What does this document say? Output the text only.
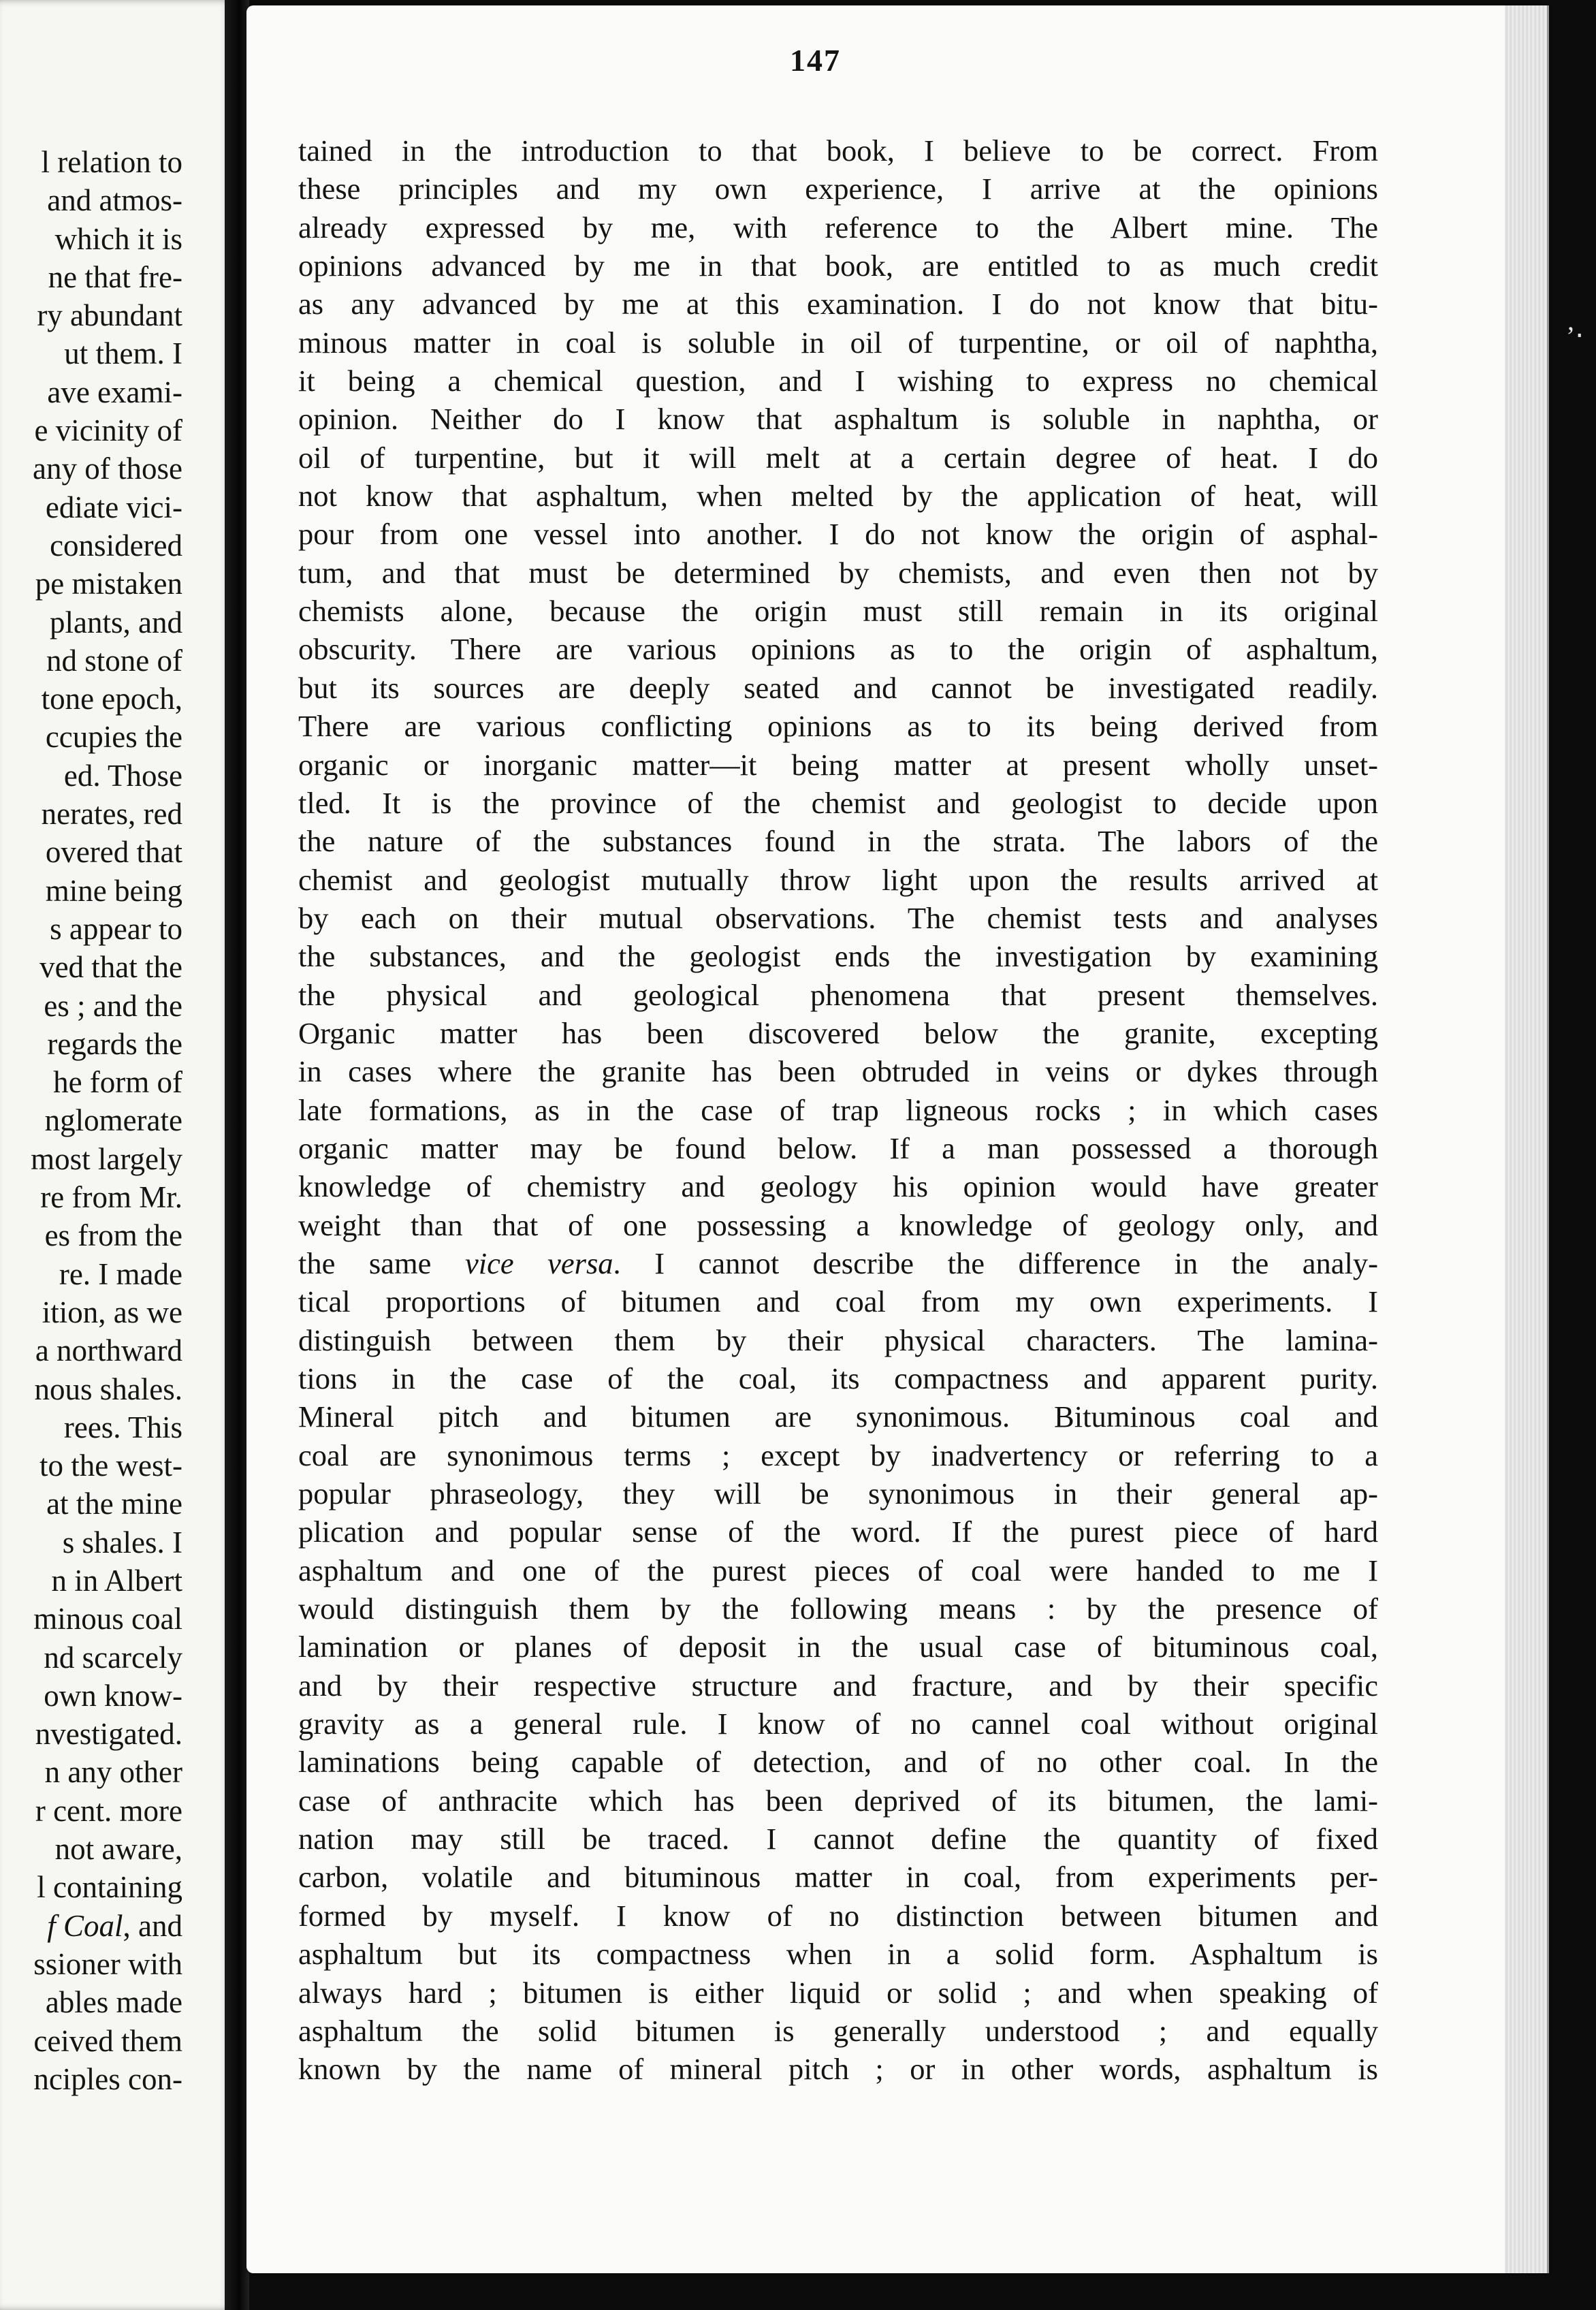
l relation to
and atmos-
which it is
ne that fre-
ry abundant
ut them. I
ave exami-
e vicinity of
any of those
ediate vici-
considered
pe mistaken
plants, and
nd stone of
tone epoch,
ccupies the
ed. Those
nerates, red
overed that
mine being
s appear to
ved that the
es ; and the
regards the
he form of
nglomerate
most largely
re from Mr.
es from the
re. I made
ition, as we
a northward
nous shales.
rees. This
to the west-
at the mine
s shales. I
n in Albert
minous coal
nd scarcely
own know-
nvestigated.
n any other
r cent. more
not aware,
l containing
f Coal, and
ssioner with
ables made
ceived them
nciples con-
147
tained in the introduction to that book, I believe to be correct. From
these principles and my own experience, I arrive at the opinions
already expressed by me, with reference to the Albert mine. The
opinions advanced by me in that book, are entitled to as much credit
as any advanced by me at this examination. I do not know that bitu-
minous matter in coal is soluble in oil of turpentine, or oil of naphtha,
it being a chemical question, and I wishing to express no chemical
opinion. Neither do I know that asphaltum is soluble in naphtha, or
oil of turpentine, but it will melt at a certain degree of heat. I do
not know that asphaltum, when melted by the application of heat, will
pour from one vessel into another. I do not know the origin of asphal-
tum, and that must be determined by chemists, and even then not by
chemists alone, because the origin must still remain in its original
obscurity. There are various opinions as to the origin of asphaltum,
but its sources are deeply seated and cannot be investigated readily.
There are various conflicting opinions as to its being derived from
organic or inorganic matter—it being matter at present wholly unset-
tled. It is the province of the chemist and geologist to decide upon
the nature of the substances found in the strata. The labors of the
chemist and geologist mutually throw light upon the results arrived at
by each on their mutual observations. The chemist tests and analyses
the substances, and the geologist ends the investigation by examining
the physical and geological phenomena that present themselves.
Organic matter has been discovered below the granite, excepting
in cases where the granite has been obtruded in veins or dykes through
late formations, as in the case of trap ligneous rocks ; in which cases
organic matter may be found below. If a man possessed a thorough
knowledge of chemistry and geology his opinion would have greater
weight than that of one possessing a knowledge of geology only, and
the same vice versa. I cannot describe the difference in the analy-
tical proportions of bitumen and coal from my own experiments. I
distinguish between them by their physical characters. The lamina-
tions in the case of the coal, its compactness and apparent purity.
Mineral pitch and bitumen are synonimous. Bituminous coal and
coal are synonimous terms ; except by inadvertency or referring to a
popular phraseology, they will be synonimous in their general ap-
plication and popular sense of the word. If the purest piece of hard
asphaltum and one of the purest pieces of coal were handed to me I
would distinguish them by the following means : by the presence of
lamination or planes of deposit in the usual case of bituminous coal,
and by their respective structure and fracture, and by their specific
gravity as a general rule. I know of no cannel coal without original
laminations being capable of detection, and of no other coal. In the
case of anthracite which has been deprived of its bitumen, the lami-
nation may still be traced. I cannot define the quantity of fixed
carbon, volatile and bituminous matter in coal, from experiments per-
formed by myself. I know of no distinction between bitumen and
asphaltum but its compactness when in a solid form. Asphaltum is
always hard ; bitumen is either liquid or solid ; and when speaking of
asphaltum the solid bitumen is generally understood ; and equally
known by the name of mineral pitch ; or in other words, asphaltum is
’‧
